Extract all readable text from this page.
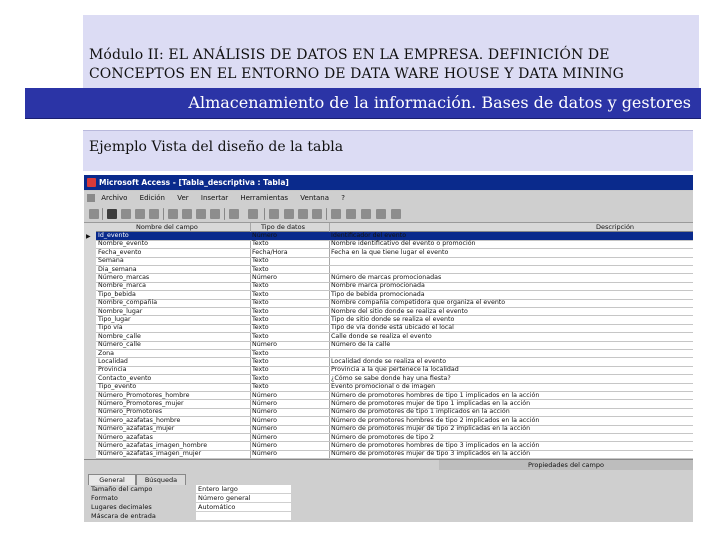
Módulo II: EL ANÁLISIS DE DATOS EN LA EMPRESA. DEFINICIÓN DE
CONCEPTOS EN EL ENTORNO DE DATA WARE HOUSE Y DATA MINING
Almacenamiento de la información. Bases de datos y gestores
Ejemplo Vista del diseño de la tabla
Microsoft Access - [Tabla_descriptiva : Tabla]
Archivo Edición Ver Insertar Herramientas Ventana ?
▶
Nombre del campo	Tipo de datos	Descripción
Id_evento	Número	Identificador del evento
Nombre_evento	Texto	Nombre identificativo del evento o promoción
Fecha_evento	Fecha/Hora	Fecha en la que tiene lugar el evento
Semana	Texto
Dia_semana	Texto
Número_marcas	Número	Número de marcas promocionadas
Nombre_marca	Texto	Nombre marca promocionada
Tipo_bebida	Texto	Tipo de bebida promocionada
Nombre_compañía	Texto	Nombre compañía competidora que organiza el evento
Nombre_lugar	Texto	Nombre del sitio donde se realiza el evento
Tipo_lugar	Texto	Tipo de sitio donde se realiza el evento
Tipo vía	Texto	Tipo de vía donde está ubicado el local
Nombre_calle	Texto	Calle donde se realiza el evento
Número_calle	Número	Número de la calle
Zona	Texto
Localidad	Texto	Localidad donde se realiza el evento
Provincia	Texto	Provincia a la que pertenece la localidad
Contacto_evento	Texto	¿Cómo se sabe donde hay una fiesta?
Tipo_evento	Texto	Evento promocional o de imagen
Número_Promotores_hombre	Número	Número de promotores hombres de tipo 1 implicados en la acción
Número_Promotores_mujer	Número	Número de promotores mujer de tipo 1 implicadas en la acción
Número_Promotores	Número	Número de promotores de tipo 1 implicados en la acción
Número_azafatas_hombre	Número	Número de promotores hombres de tipo 2 implicados en la acción
Número_azafatas_mujer	Número	Número de promotores mujer de tipo 2 implicadas en la acción
Número_azafatas	Número	Número de promotores de tipo 2
Número_azafatas_imagen_hombre	Número	Número de promotores hombres de tipo 3 implicados en la acción
Número_azafatas_imagen_mujer	Número	Número de promotores mujer de tipo 3 implicados en la acción
Propiedades del campo
General	Búsqueda
Tamaño del campo	Entero largo
Formato	Número general
Lugares decimales	Automático
Máscara de entrada
